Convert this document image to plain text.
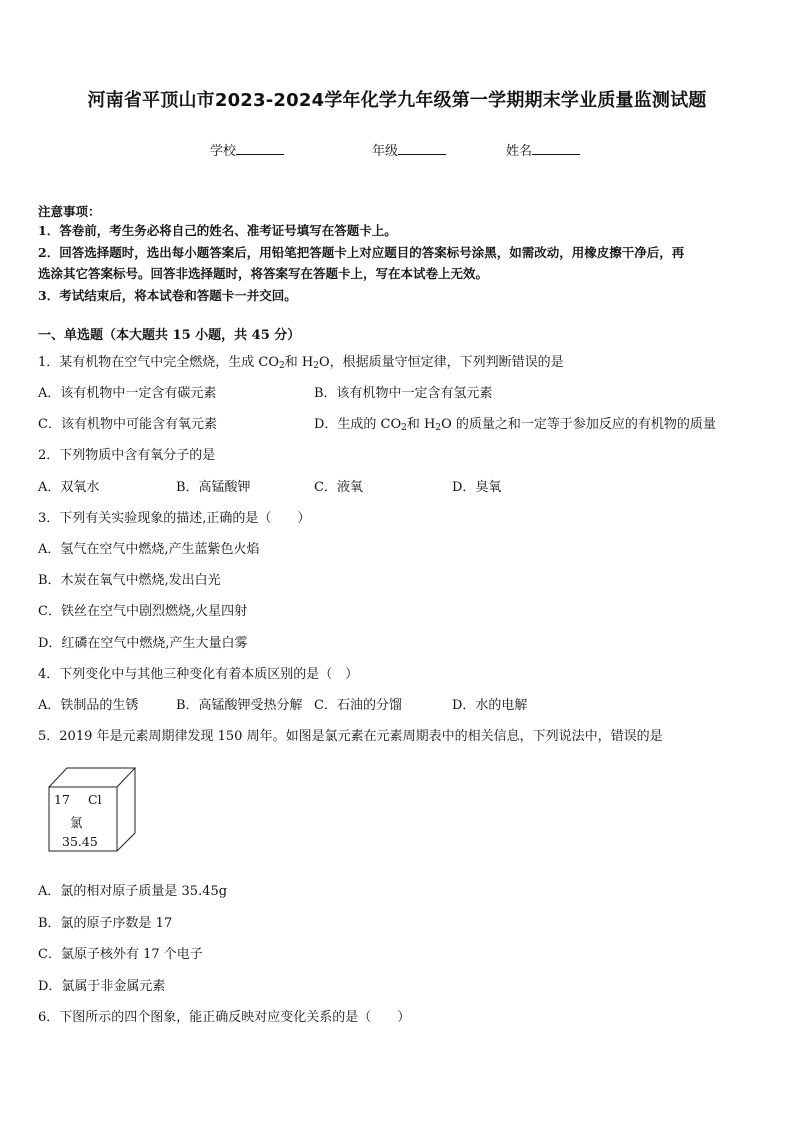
河南省平顶山市2023-2024学年化学九年级第一学期期末学业质量监测试题
学校	年级	姓名
注意事项：
1．答卷前，考生务必将自己的姓名、准考证号填写在答题卡上。
2．回答选择题时，选出每小题答案后，用铅笔把答题卡上对应题目的答案标号涂黑，如需改动，用橡皮擦干净后，再
选涂其它答案标号。回答非选择题时，将答案写在答题卡上，写在本试卷上无效。
3．考试结束后，将本试卷和答题卡一并交回。
一、单选题（本大题共 15 小题，共 45 分）
1．某有机物在空气中完全燃烧，生成 $CO_2$和 $H_2O$，根据质量守恒定律，下列判断错误的是
A．该有机物中一定含有碳元素	B．该有机物中一定含有氢元素
C．该有机物中可能含有氧元素	D．生成的 $CO_2$和 $H_2O$ 的质量之和一定等于参加反应的有机物的质量
2．下列物质中含有氧分子的是
A．双氧水	B．高锰酸钾	C．液氧	D．臭氧
3．下列有关实验现象的描述,正确的是（　　）
A．氢气在空气中燃烧,产生蓝紫色火焰
B．木炭在氧气中燃烧,发出白光
C．铁丝在空气中剧烈燃烧,火星四射
D．红磷在空气中燃烧,产生大量白雾
4．下列变化中与其他三种变化有着本质区别的是（　）
A．铁制品的生锈	B．高锰酸钾受热分解 C．石油的分馏	D．水的电解
5．2019 年是元素周期律发现 150 周年。如图是氯元素在元素周期表中的相关信息，下列说法中，错误的是
17 Cl
氯
35.45
A．氯的相对原子质量是 35.45g
B．氯的原子序数是 17
C．氯原子核外有 17 个电子
D．氯属于非金属元素
6．下图所示的四个图象，能正确反映对应变化关系的是（　　）
